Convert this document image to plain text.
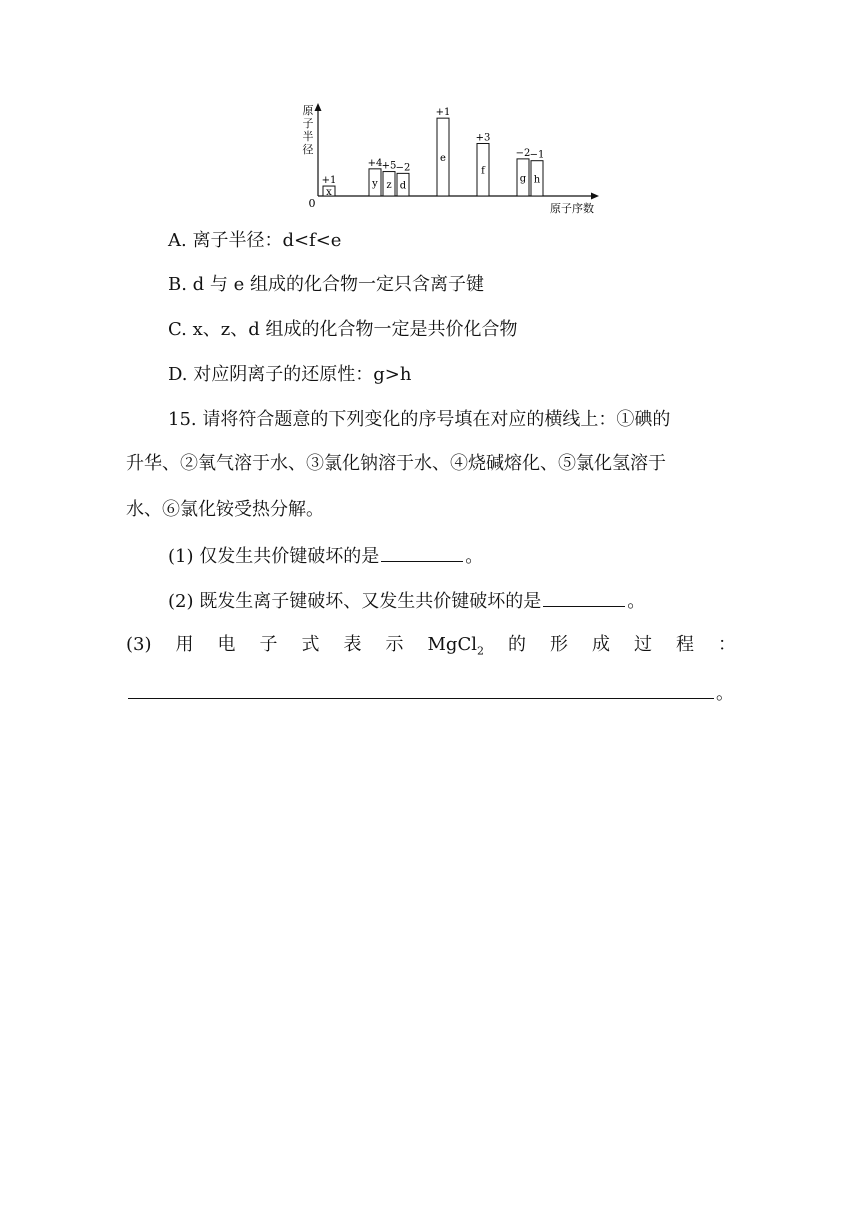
0
原
子
半
径
原子序数
x
+1	y
+4
z
+5
d
−2
e
+1
f
+3
g
−2
h
−1
A. 离子半径：d<f<e
B. d 与 e 组成的化合物一定只含离子键
C. x、z、d 组成的化合物一定是共价化合物
D. 对应阴离子的还原性：g>h
15. 请将符合题意的下列变化的序号填在对应的横线上：①碘的
升华、②氧气溶于水、③氯化钠溶于水、④烧碱熔化、⑤氯化氢溶于
水、⑥氯化铵受热分解。
(1) 仅发生共价键破坏的是	。
(2) 既发生离子键破坏、又发生共价键破坏的是	。
(3) 用 电 子 式 表 示 MgCl$_2$ 的 形 成 过 程 ：
。
